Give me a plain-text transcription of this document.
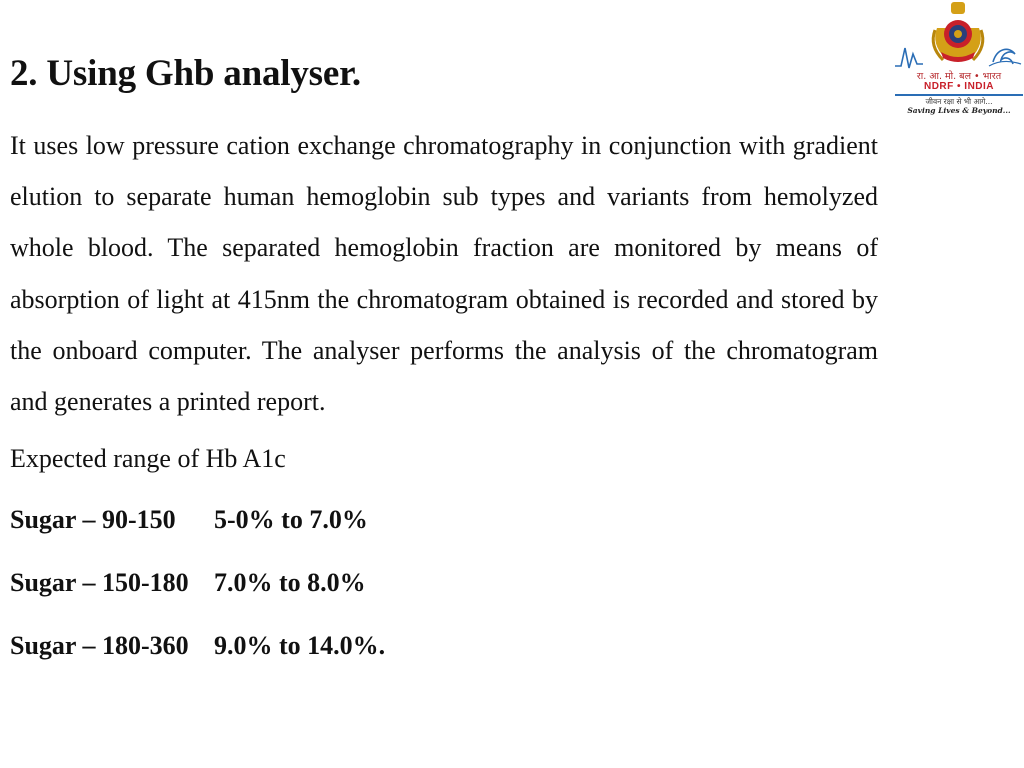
2. Using Ghb analyser.

It uses low pressure cation exchange chromatography in conjunction with gradient elution to separate human hemoglobin sub types and variants from hemolyzed whole blood. The separated hemoglobin fraction are monitored by means of absorption of light at 415nm the chromatogram obtained is recorded and stored by the onboard computer. The analyser performs the analysis of the chromatogram and generates a printed report.

Expected range of Hb A1c

Sugar – 90-150 5-0% to 7.0%

Sugar – 150-180 7.0% to 8.0%

Sugar – 180-360 9.0% to 14.0%.

रा. आ. मो. बल • भारत
NDRF • INDIA
जीवन रक्षा से भी आगे...
Saving Lives & Beyond...
